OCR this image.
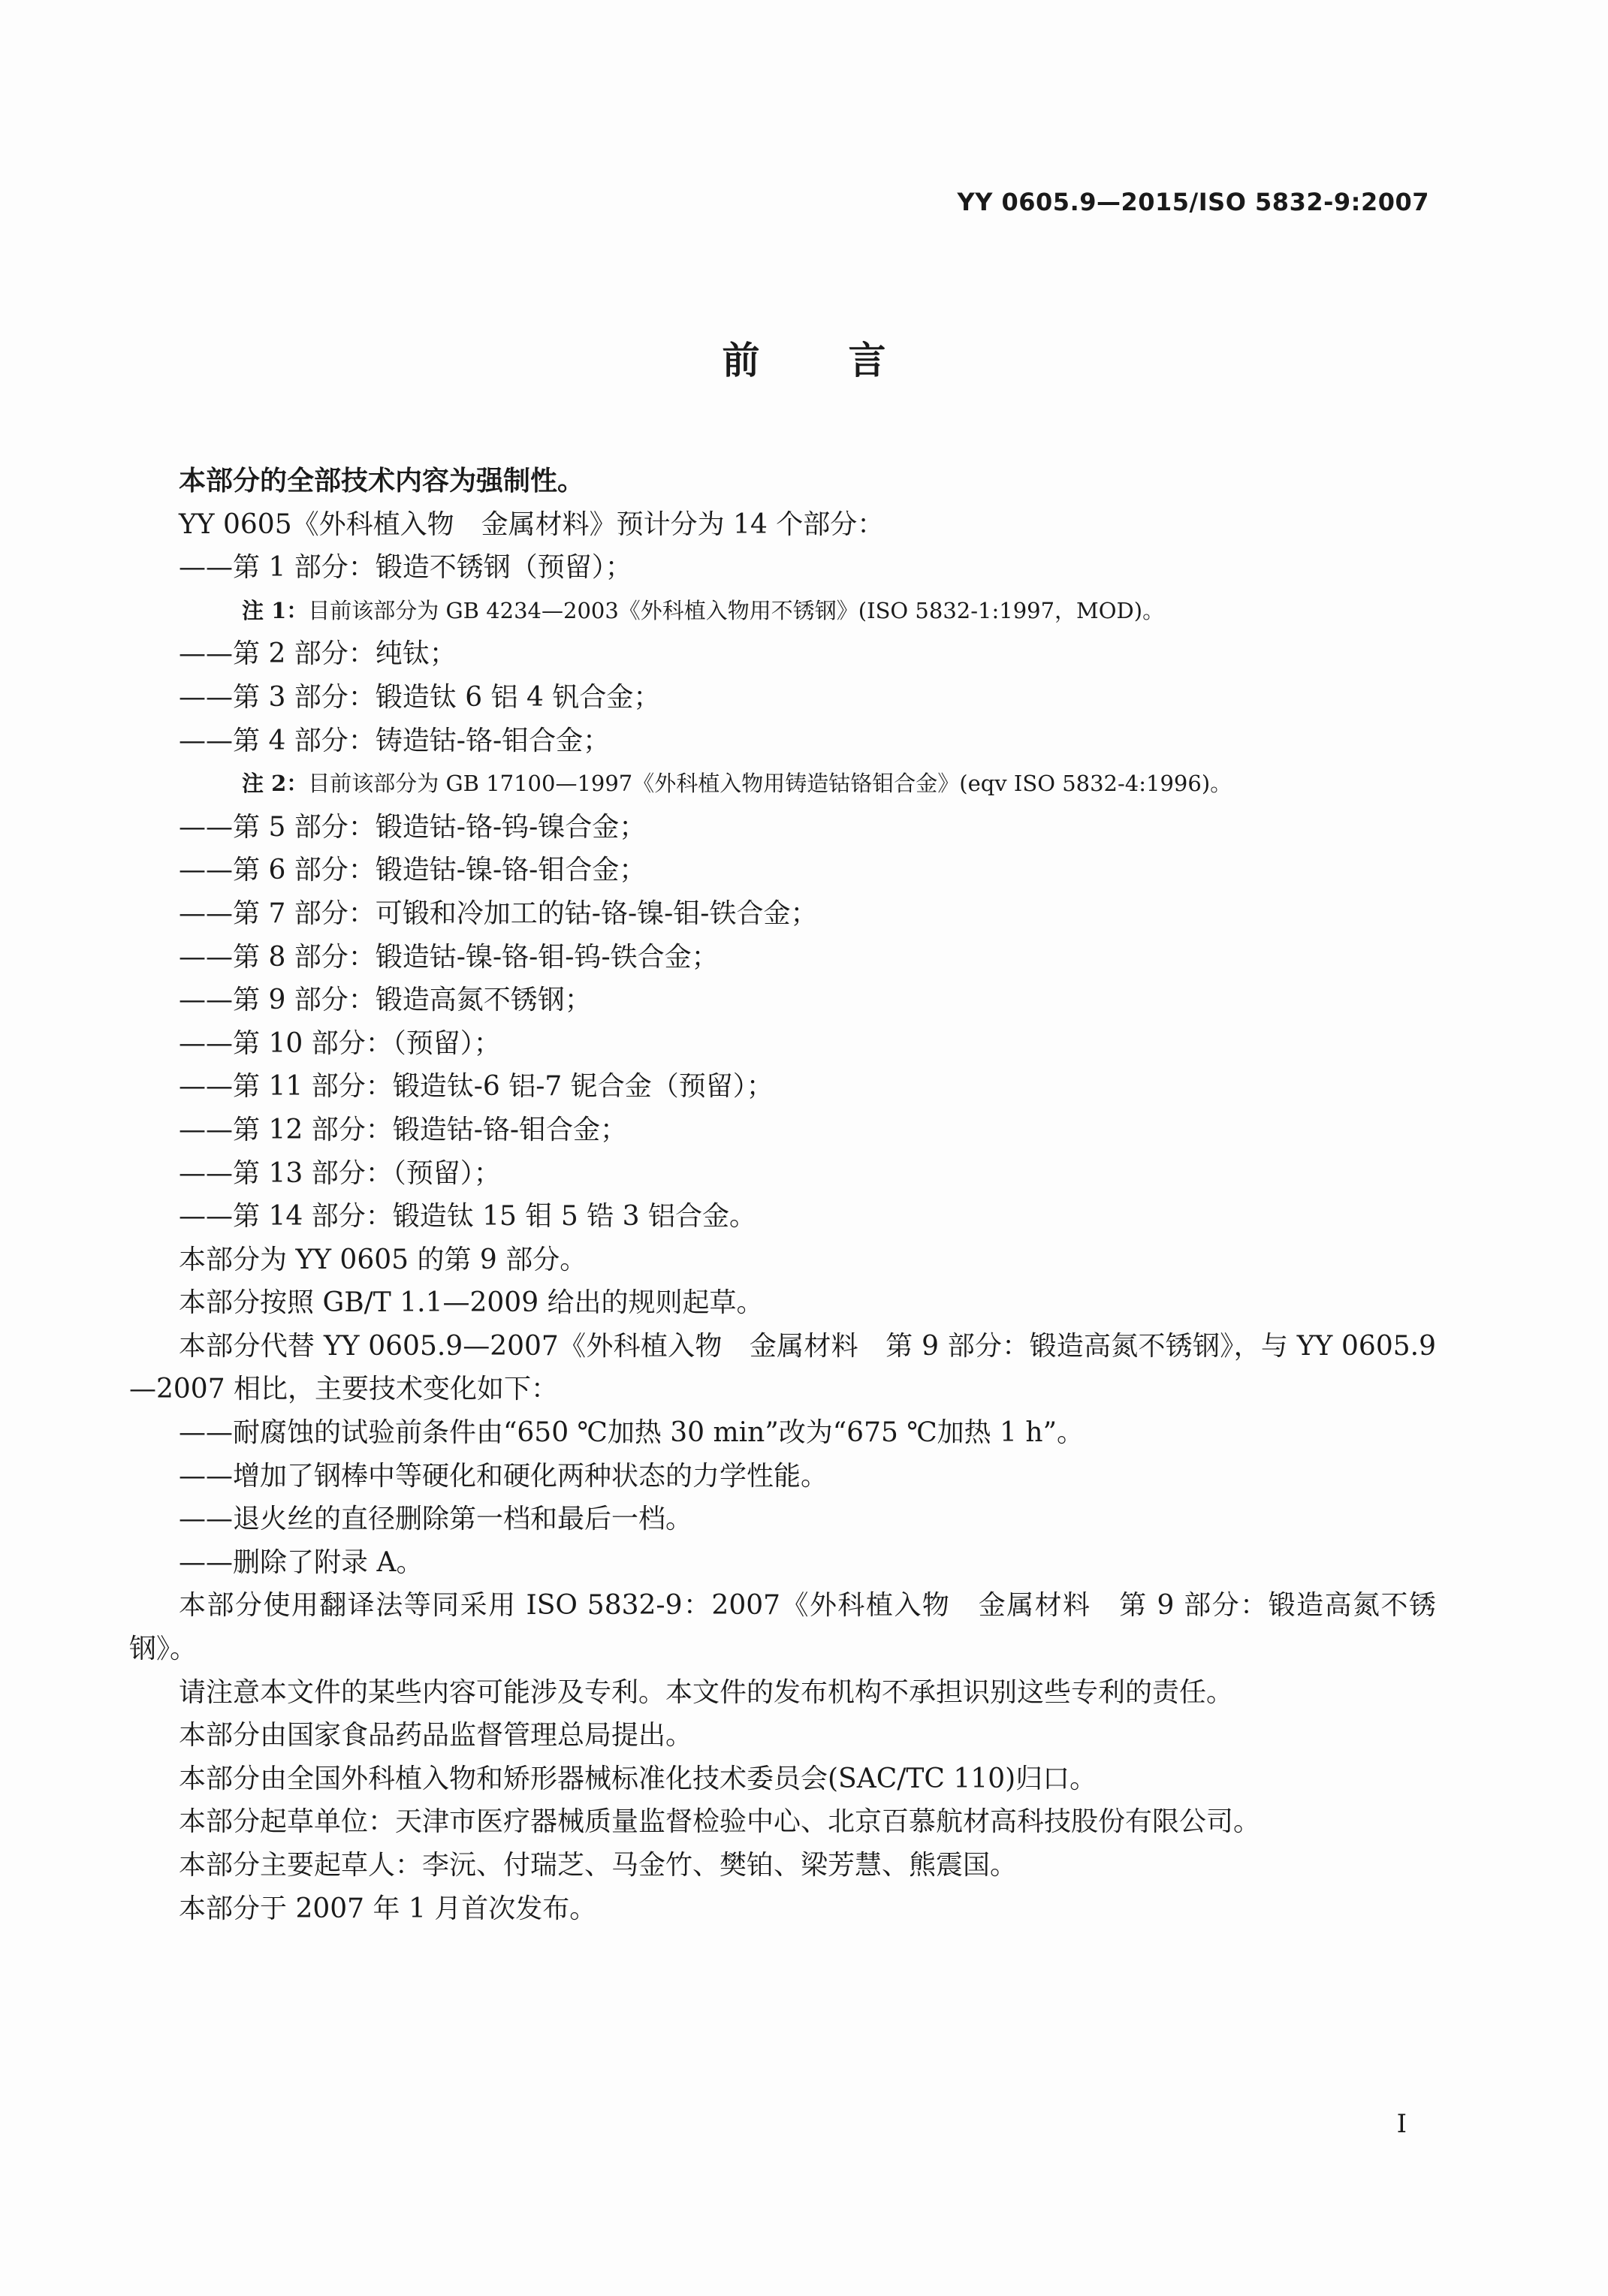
YY 0605.9—2015/ISO 5832-9:2007
前言
本部分的全部技术内容为强制性。
YY 0605《外科植入物　金属材料》预计分为 14 个部分：
——第 1 部分：锻造不锈钢（预留）；
注 1：目前该部分为 GB 4234—2003《外科植入物用不锈钢》(ISO 5832-1:1997，MOD)。
——第 2 部分：纯钛；
——第 3 部分：锻造钛 6 铝 4 钒合金；
——第 4 部分：铸造钴-铬-钼合金；
注 2：目前该部分为 GB 17100—1997《外科植入物用铸造钴铬钼合金》(eqv ISO 5832-4:1996)。
——第 5 部分：锻造钴-铬-钨-镍合金；
——第 6 部分：锻造钴-镍-铬-钼合金；
——第 7 部分：可锻和冷加工的钴-铬-镍-钼-铁合金；
——第 8 部分：锻造钴-镍-铬-钼-钨-铁合金；
——第 9 部分：锻造高氮不锈钢；
——第 10 部分：（预留）；
——第 11 部分：锻造钛-6 铝-7 铌合金（预留）；
——第 12 部分：锻造钴-铬-钼合金；
——第 13 部分：（预留）；
——第 14 部分：锻造钛 15 钼 5 锆 3 铝合金。
本部分为 YY 0605 的第 9 部分。
本部分按照 GB/T 1.1—2009 给出的规则起草。
本部分代替 YY 0605.9—2007《外科植入物　金属材料　第 9 部分：锻造高氮不锈钢》，与 YY 0605.9—2007 相比，主要技术变化如下：
——耐腐蚀的试验前条件由“650 ℃加热 30 min”改为“675 ℃加热 1 h”。
——增加了钢棒中等硬化和硬化两种状态的力学性能。
——退火丝的直径删除第一档和最后一档。
——删除了附录 A。
本部分使用翻译法等同采用 ISO 5832-9：2007《外科植入物　金属材料　第 9 部分：锻造高氮不锈钢》。
请注意本文件的某些内容可能涉及专利。本文件的发布机构不承担识别这些专利的责任。
本部分由国家食品药品监督管理总局提出。
本部分由全国外科植入物和矫形器械标准化技术委员会(SAC/TC 110)归口。
本部分起草单位：天津市医疗器械质量监督检验中心、北京百慕航材高科技股份有限公司。
本部分主要起草人：李沅、付瑞芝、马金竹、樊铂、梁芳慧、熊震国。
本部分于 2007 年 1 月首次发布。
I
